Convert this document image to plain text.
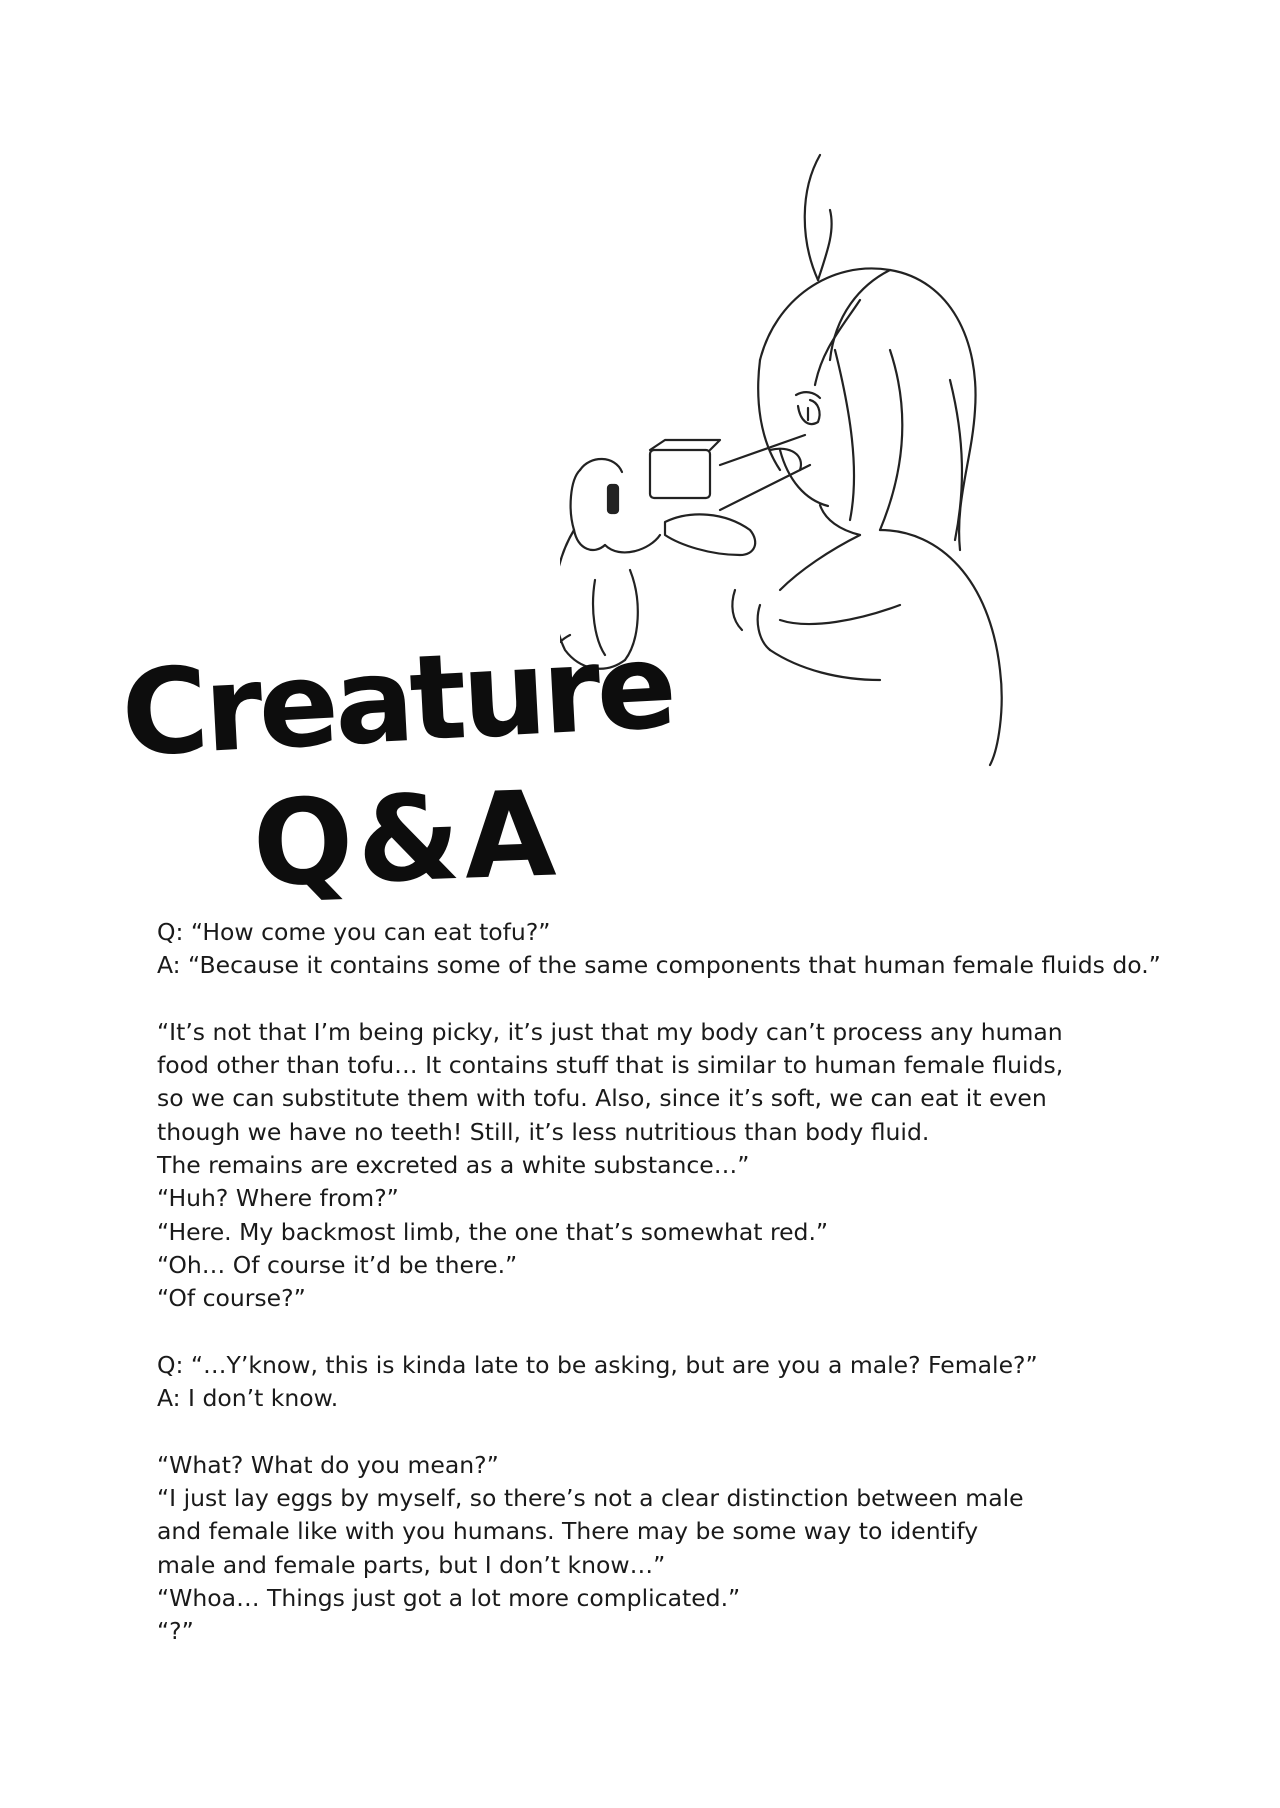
Creature
Q&A
Q: “How come you can eat tofu?”
A: “Because it contains some of the same components that human female fluids do.”
“It’s not that I’m being picky, it’s just that my body can’t process any human
food other than tofu… It contains stuff that is similar to human female fluids,
so we can substitute them with tofu. Also, since it’s soft, we can eat it even
though we have no teeth! Still, it’s less nutritious than body fluid.
The remains are excreted as a white substance…”
“Huh? Where from?”
“Here. My backmost limb, the one that’s somewhat red.”
“Oh… Of course it’d be there.”
“Of course?”
Q: “…Y’know, this is kinda late to be asking, but are you a male? Female?”
A: I don’t know.
“What? What do you mean?”
“I just lay eggs by myself, so there’s not a clear distinction between male
and female like with you humans. There may be some way to identify
male and female parts, but I don’t know…”
“Whoa… Things just got a lot more complicated.”
“?”
